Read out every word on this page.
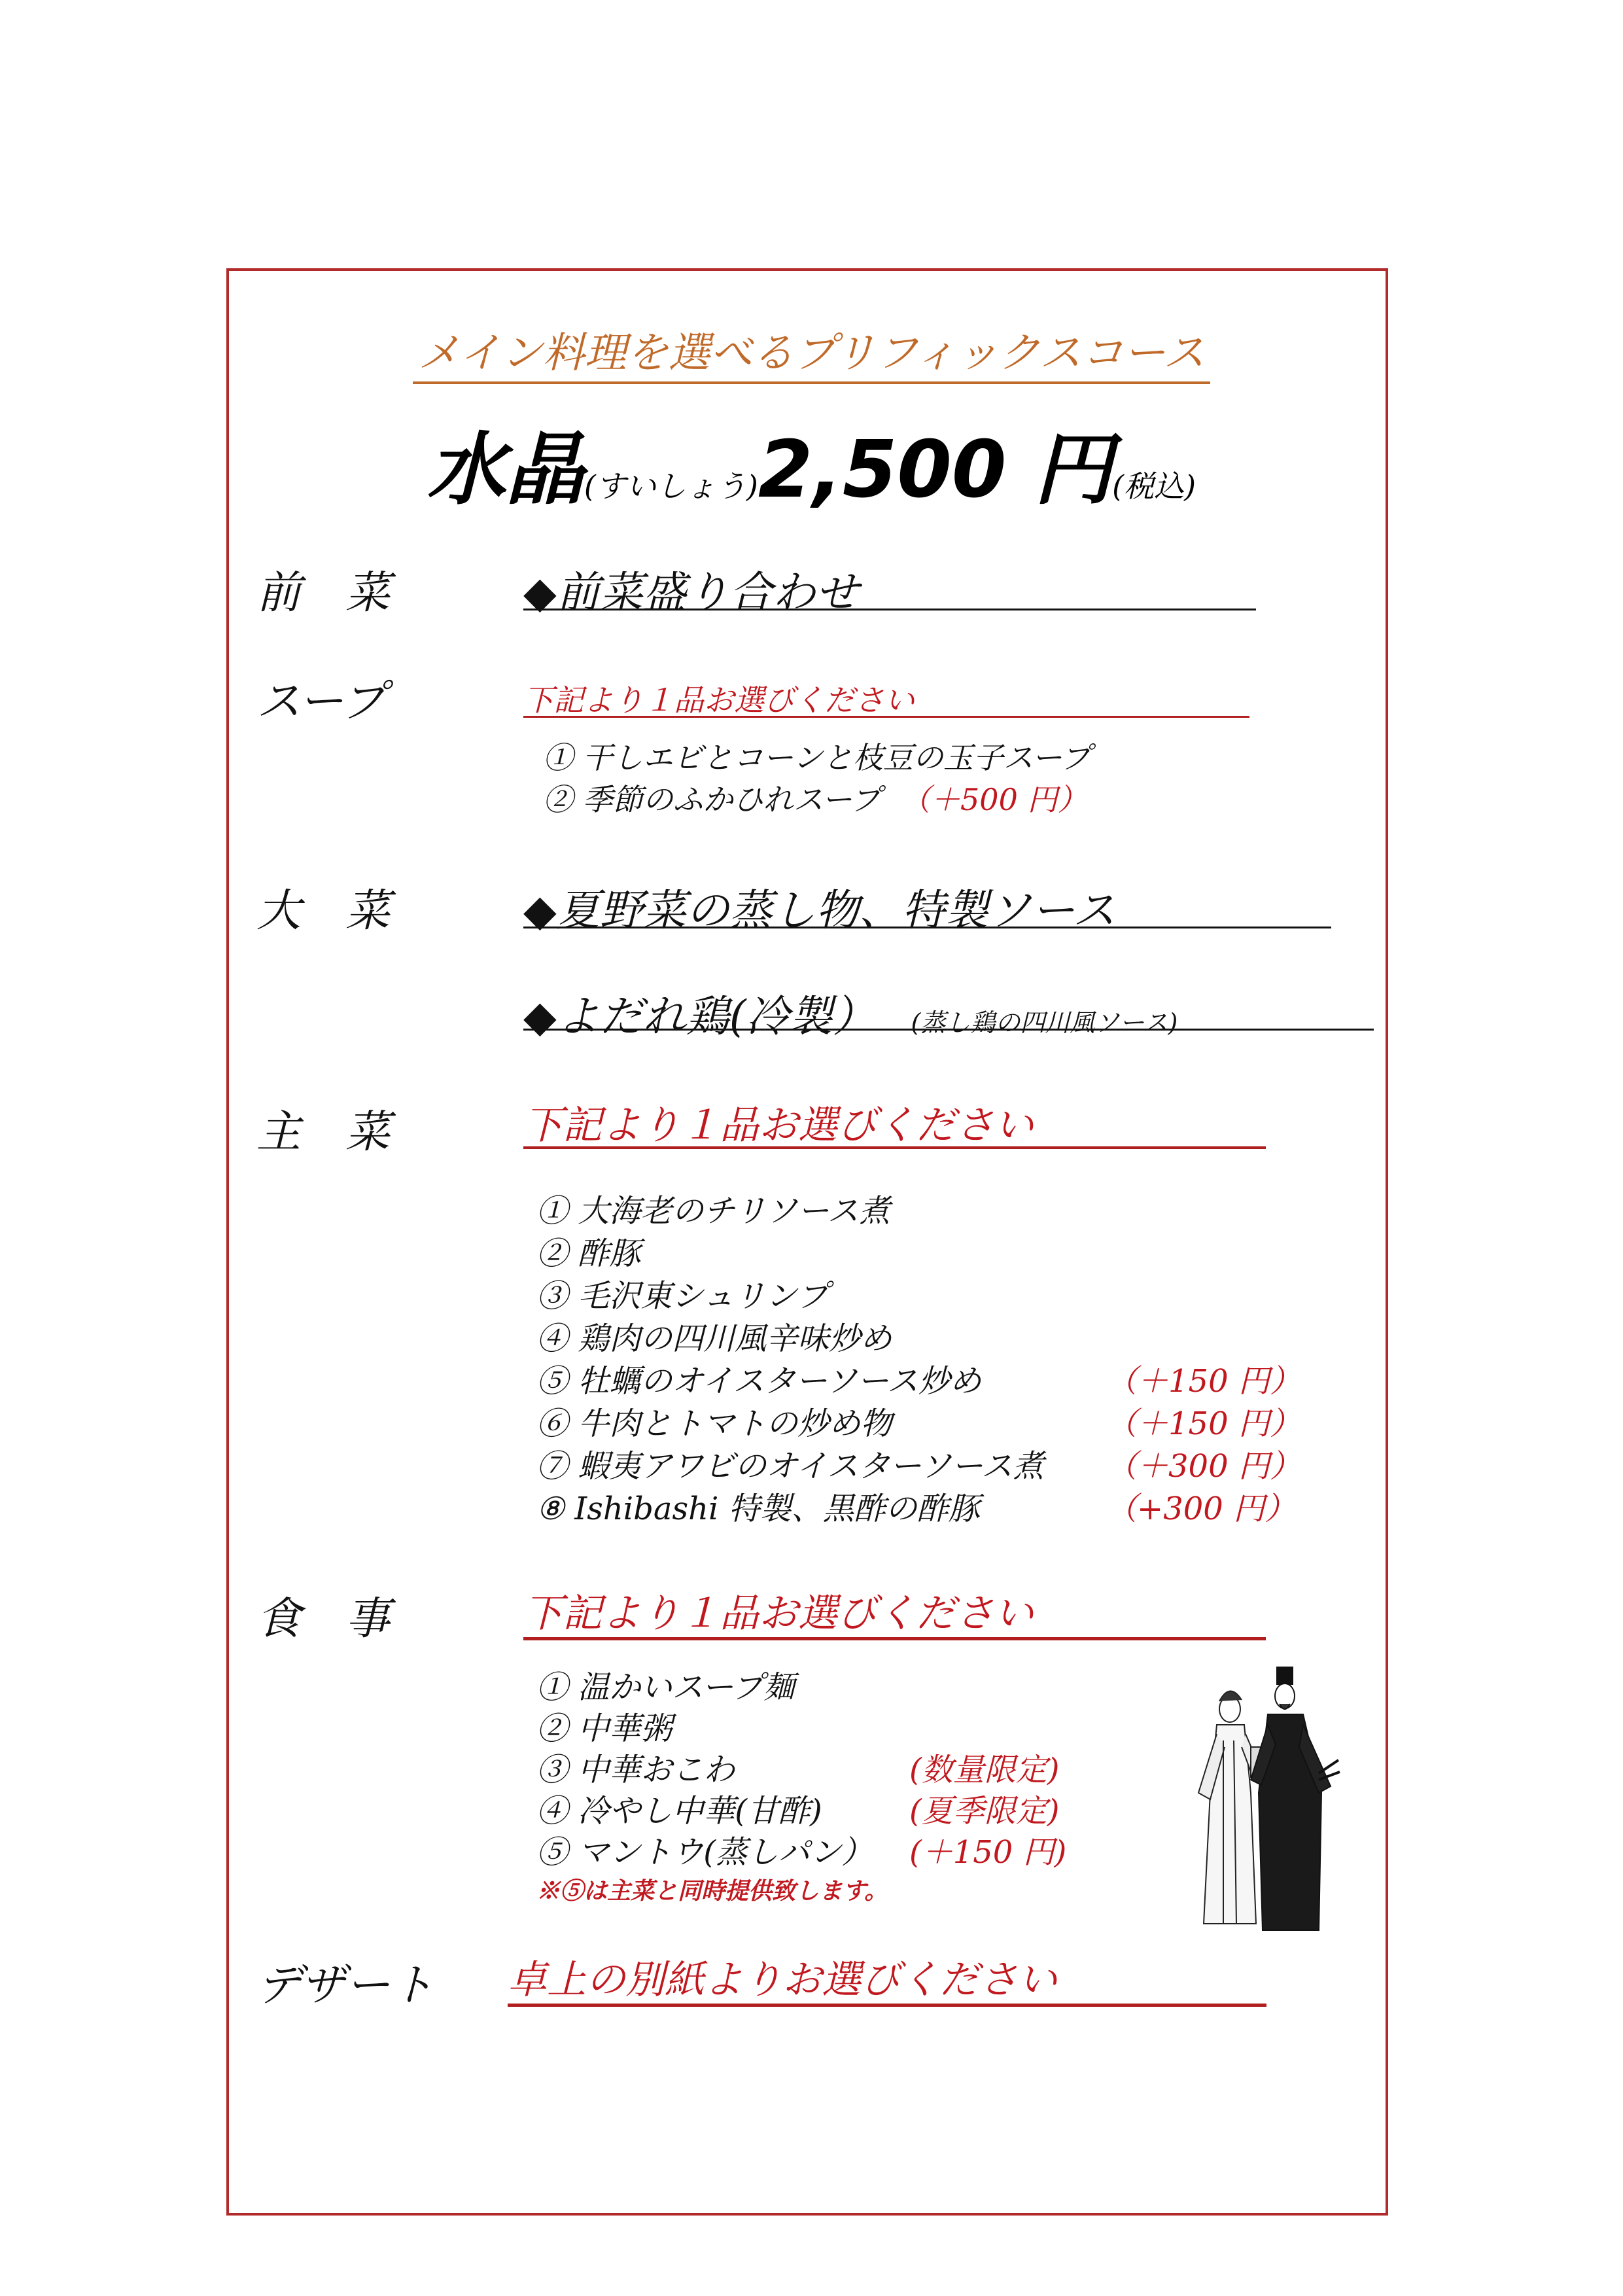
メイン料理を選べるプリフィックスコース
水晶(すいしょう)2,500 円(税込)
前　菜	◆前菜盛り合わせ
スープ	下記より１品お選びください
① 干しエビとコーンと枝豆の玉子スープ
② 季節のふかひれスープ （＋500 円）
大　菜	◆夏野菜の蒸し物、特製ソース
◆よだれ鶏(冷製） (蒸し鶏の四川風ソース)
主　菜	下記より１品お選びください
① 大海老のチリソース煮
② 酢豚
③ 毛沢東シュリンプ
④ 鶏肉の四川風辛味炒め
⑤ 牡蠣のオイスターソース炒め	（＋150 円）
⑥ 牛肉とトマトの炒め物	（＋150 円）
⑦ 蝦夷アワビのオイスターソース煮 （＋300 円）
⑧ Ishibashi 特製、黒酢の酢豚	（+300 円）
食　事	下記より１品お選びください
① 温かいスープ麺
② 中華粥
③ 中華おこわ	(数量限定)
④ 冷やし中華(甘酢)	(夏季限定)
⑤ マントウ(蒸しパン） (＋150 円)
※⑤は主菜と同時提供致します。
デザート 卓上の別紙よりお選びください
